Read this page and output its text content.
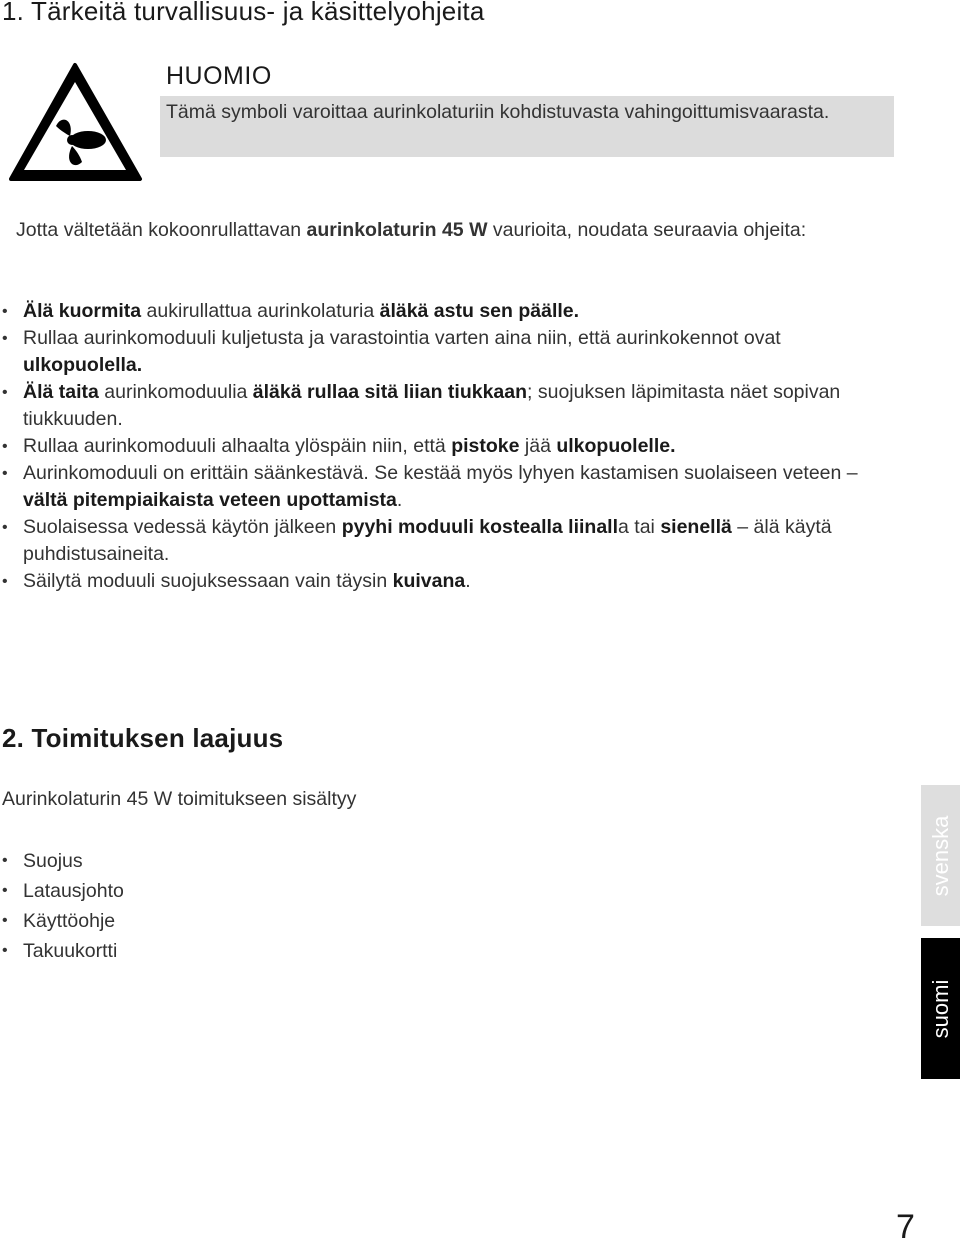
1. Tärkeitä turvallisuus- ja käsittelyohjeita
HUOMIO
Tämä symboli varoittaa aurinkolaturiin kohdistuvasta vahingoittumisvaarasta.
Jotta vältetään kokoonrullattavan aurinkolaturin 45 W vaurioita, noudata seuraavia ohjeita:
• Älä kuormita aukirullattua aurinkolaturia äläkä astu sen päälle.
• Rullaa aurinkomoduuli kuljetusta ja varastointia varten aina niin, että aurinkokennot ovat ulkopuolella.
• Älä taita aurinkomoduulia äläkä rullaa sitä liian tiukkaan; suojuksen läpimitasta näet sopivan tiukkuuden.
• Rullaa aurinkomoduuli alhaalta ylöspäin niin, että pistoke jää ulkopuolelle.
• Aurinkomoduuli on erittäin säänkestävä. Se kestää myös lyhyen kastamisen suolaiseen veteen – vältä pitempiaikaista veteen upottamista.
• Suolaisessa vedessä käytön jälkeen pyyhi moduuli kostealla liinalla tai sienellä – älä käytä puhdistusaineita.
• Säilytä moduuli suojuksessaan vain täysin kuivana.
2. Toimituksen laajuus
Aurinkolaturin 45 W toimitukseen sisältyy
• Suojus
• Latausjohto
• Käyttöohje
• Takuukortti
svenska
suomi
7
